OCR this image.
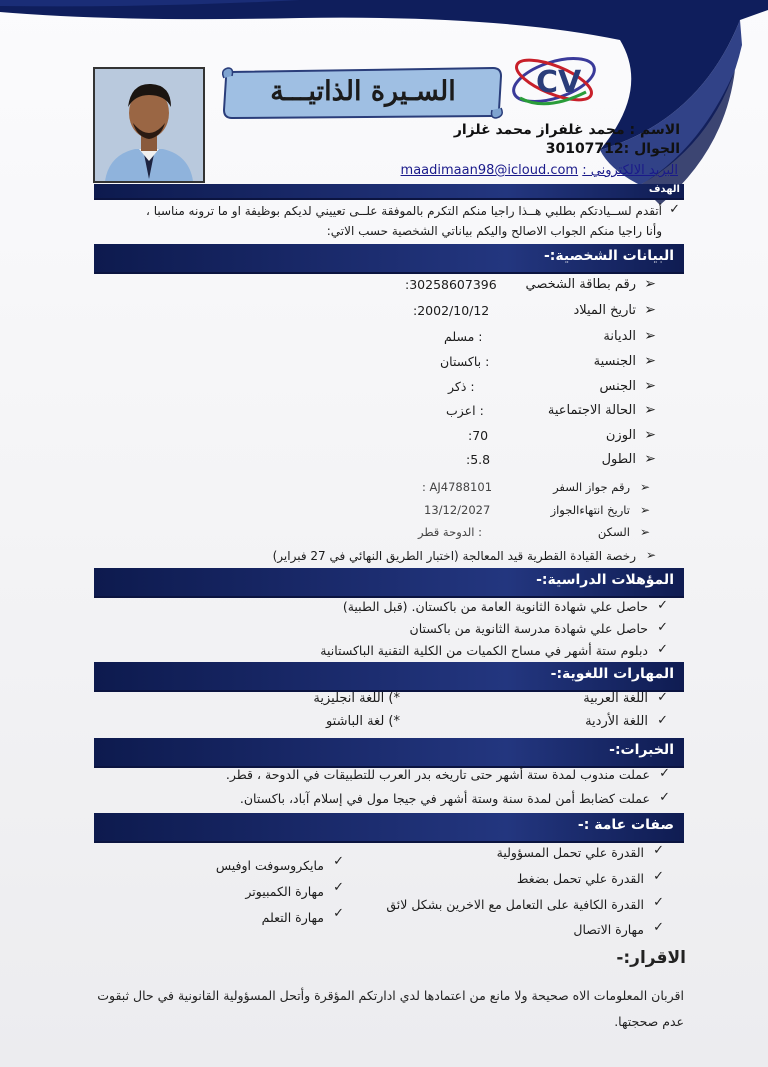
السـيرة الذاتيـــة	CV
الاسم : محمد غلفراز محمد غلزار
الجوال :30107712
البريد الالكتروني : maadimaan98@icloud.com
الهدف
✓
أتقدم لســيادتكم بطلبي هــذا راجيا منكم التكرم بالموفقة علــى تعييني لديكم بوظيفة او ما ترونه مناسبا ،
وأنا راجيا منكم الجواب الاصالح واليكم بياناتي الشخصية حسب الاتي:
البيانات الشخصية:-
➢
رقم بطاقة الشخصي
30258607396:
➢
تاريخ الميلاد
2002/10/12:
➢
الديانة
: مسلم
➢
الجنسية
: باكستان
➢
الجنس
: ذكر
➢
الحالة الاجتماعية
: اعزب
➢
الوزن
70:
➢
الطول
5.8:
➢
رقم جواز السفر
AJ4788101 :
➢
تاريخ انتهاءالجواز
13/12/2027
➢
السكن
: الدوحة قطر
➢
رخصة القيادة القطرية قيد المعالجة (اختبار الطريق النهائي في 27 فبراير)
المؤهلات الدراسية:-
✓
حاصل علي شهادة الثانوية العامة من باكستان. (قبل الطبية)
✓
حاصل علي شهادة مدرسة الثانوية من باكستان
✓
دبلوم ستة أشهر في مساح الكميات من الكلية التقنية الباكستانية
المهارات اللغوية:-
✓
اللغة العربية
✓
اللغة الأردية
*) اللغة انجليزية
*) لغة الباشتو
الخبرات:-
✓
عملت مندوب لمدة ستة أشهر حتى تاريخه بدر العرب للتطبيقات في الدوحة ، قطر.
✓
عملت كضابط أمن لمدة سنة وستة أشهر في جيجا مول في إسلام آباد، باكستان.
صفات عامة :-
✓
القدرة علي تحمل المسؤولية
✓
القدرة علي تحمل بضغط
✓
القدرة الكافية على التعامل مع الاخرين بشكل لائق
✓
مهارة الاتصال
✓
مايكروسوفت اوفيس
✓
مهارة الكمبيوتر
✓
مهارة التعلم
الاقرار:-
اقربان المعلومات الاه صحيحة ولا مانع من اعتمادها لدي ادارتكم المؤقرة وأتحل المسؤولية القانونية في حال ثبقوت عدم صحجتها.
